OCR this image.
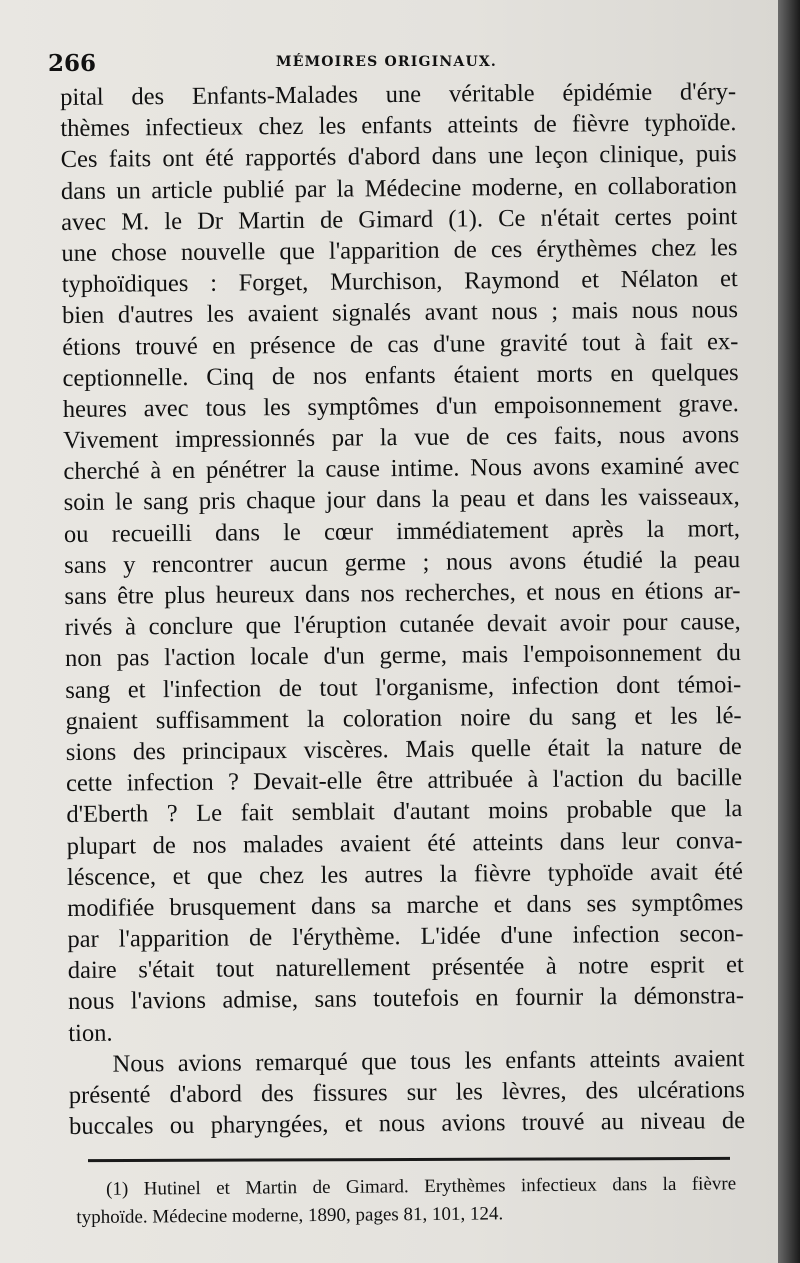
266	MÉMOIRES ORIGINAUX.
pital des Enfants-Malades une véritable épidémie d'éry-
thèmes infectieux chez les enfants atteints de fièvre typhoïde.
Ces faits ont été rapportés d'abord dans une leçon clinique, puis
dans un article publié par la Médecine moderne, en collaboration
avec M. le Dr Martin de Gimard (1). Ce n'était certes point
une chose nouvelle que l'apparition de ces érythèmes chez les
typhoïdiques : Forget, Murchison, Raymond et Nélaton et
bien d'autres les avaient signalés avant nous ; mais nous nous
étions trouvé en présence de cas d'une gravité tout à fait ex-
ceptionnelle. Cinq de nos enfants étaient morts en quelques
heures avec tous les symptômes d'un empoisonnement grave.
Vivement impressionnés par la vue de ces faits, nous avons
cherché à en pénétrer la cause intime. Nous avons examiné avec
soin le sang pris chaque jour dans la peau et dans les vaisseaux,
ou recueilli dans le cœur immédiatement après la mort,
sans y rencontrer aucun germe ; nous avons étudié la peau
sans être plus heureux dans nos recherches, et nous en étions ar-
rivés à conclure que l'éruption cutanée devait avoir pour cause,
non pas l'action locale d'un germe, mais l'empoisonnement du
sang et l'infection de tout l'organisme, infection dont témoi-
gnaient suffisamment la coloration noire du sang et les lé-
sions des principaux viscères. Mais quelle était la nature de
cette infection ? Devait-elle être attribuée à l'action du bacille
d'Eberth ? Le fait semblait d'autant moins probable que la
plupart de nos malades avaient été atteints dans leur conva-
léscence, et que chez les autres la fièvre typhoïde avait été
modifiée brusquement dans sa marche et dans ses symptômes
par l'apparition de l'érythème. L'idée d'une infection secon-
daire s'était tout naturellement présentée à notre esprit et
nous l'avions admise, sans toutefois en fournir la démonstra-
tion.
Nous avions remarqué que tous les enfants atteints avaient
présenté d'abord des fissures sur les lèvres, des ulcérations
buccales ou pharyngées, et nous avions trouvé au niveau de
(1) Hutinel et Martin de Gimard. Erythèmes infectieux dans la fièvre
typhoïde. Médecine moderne, 1890, pages 81, 101, 124.
